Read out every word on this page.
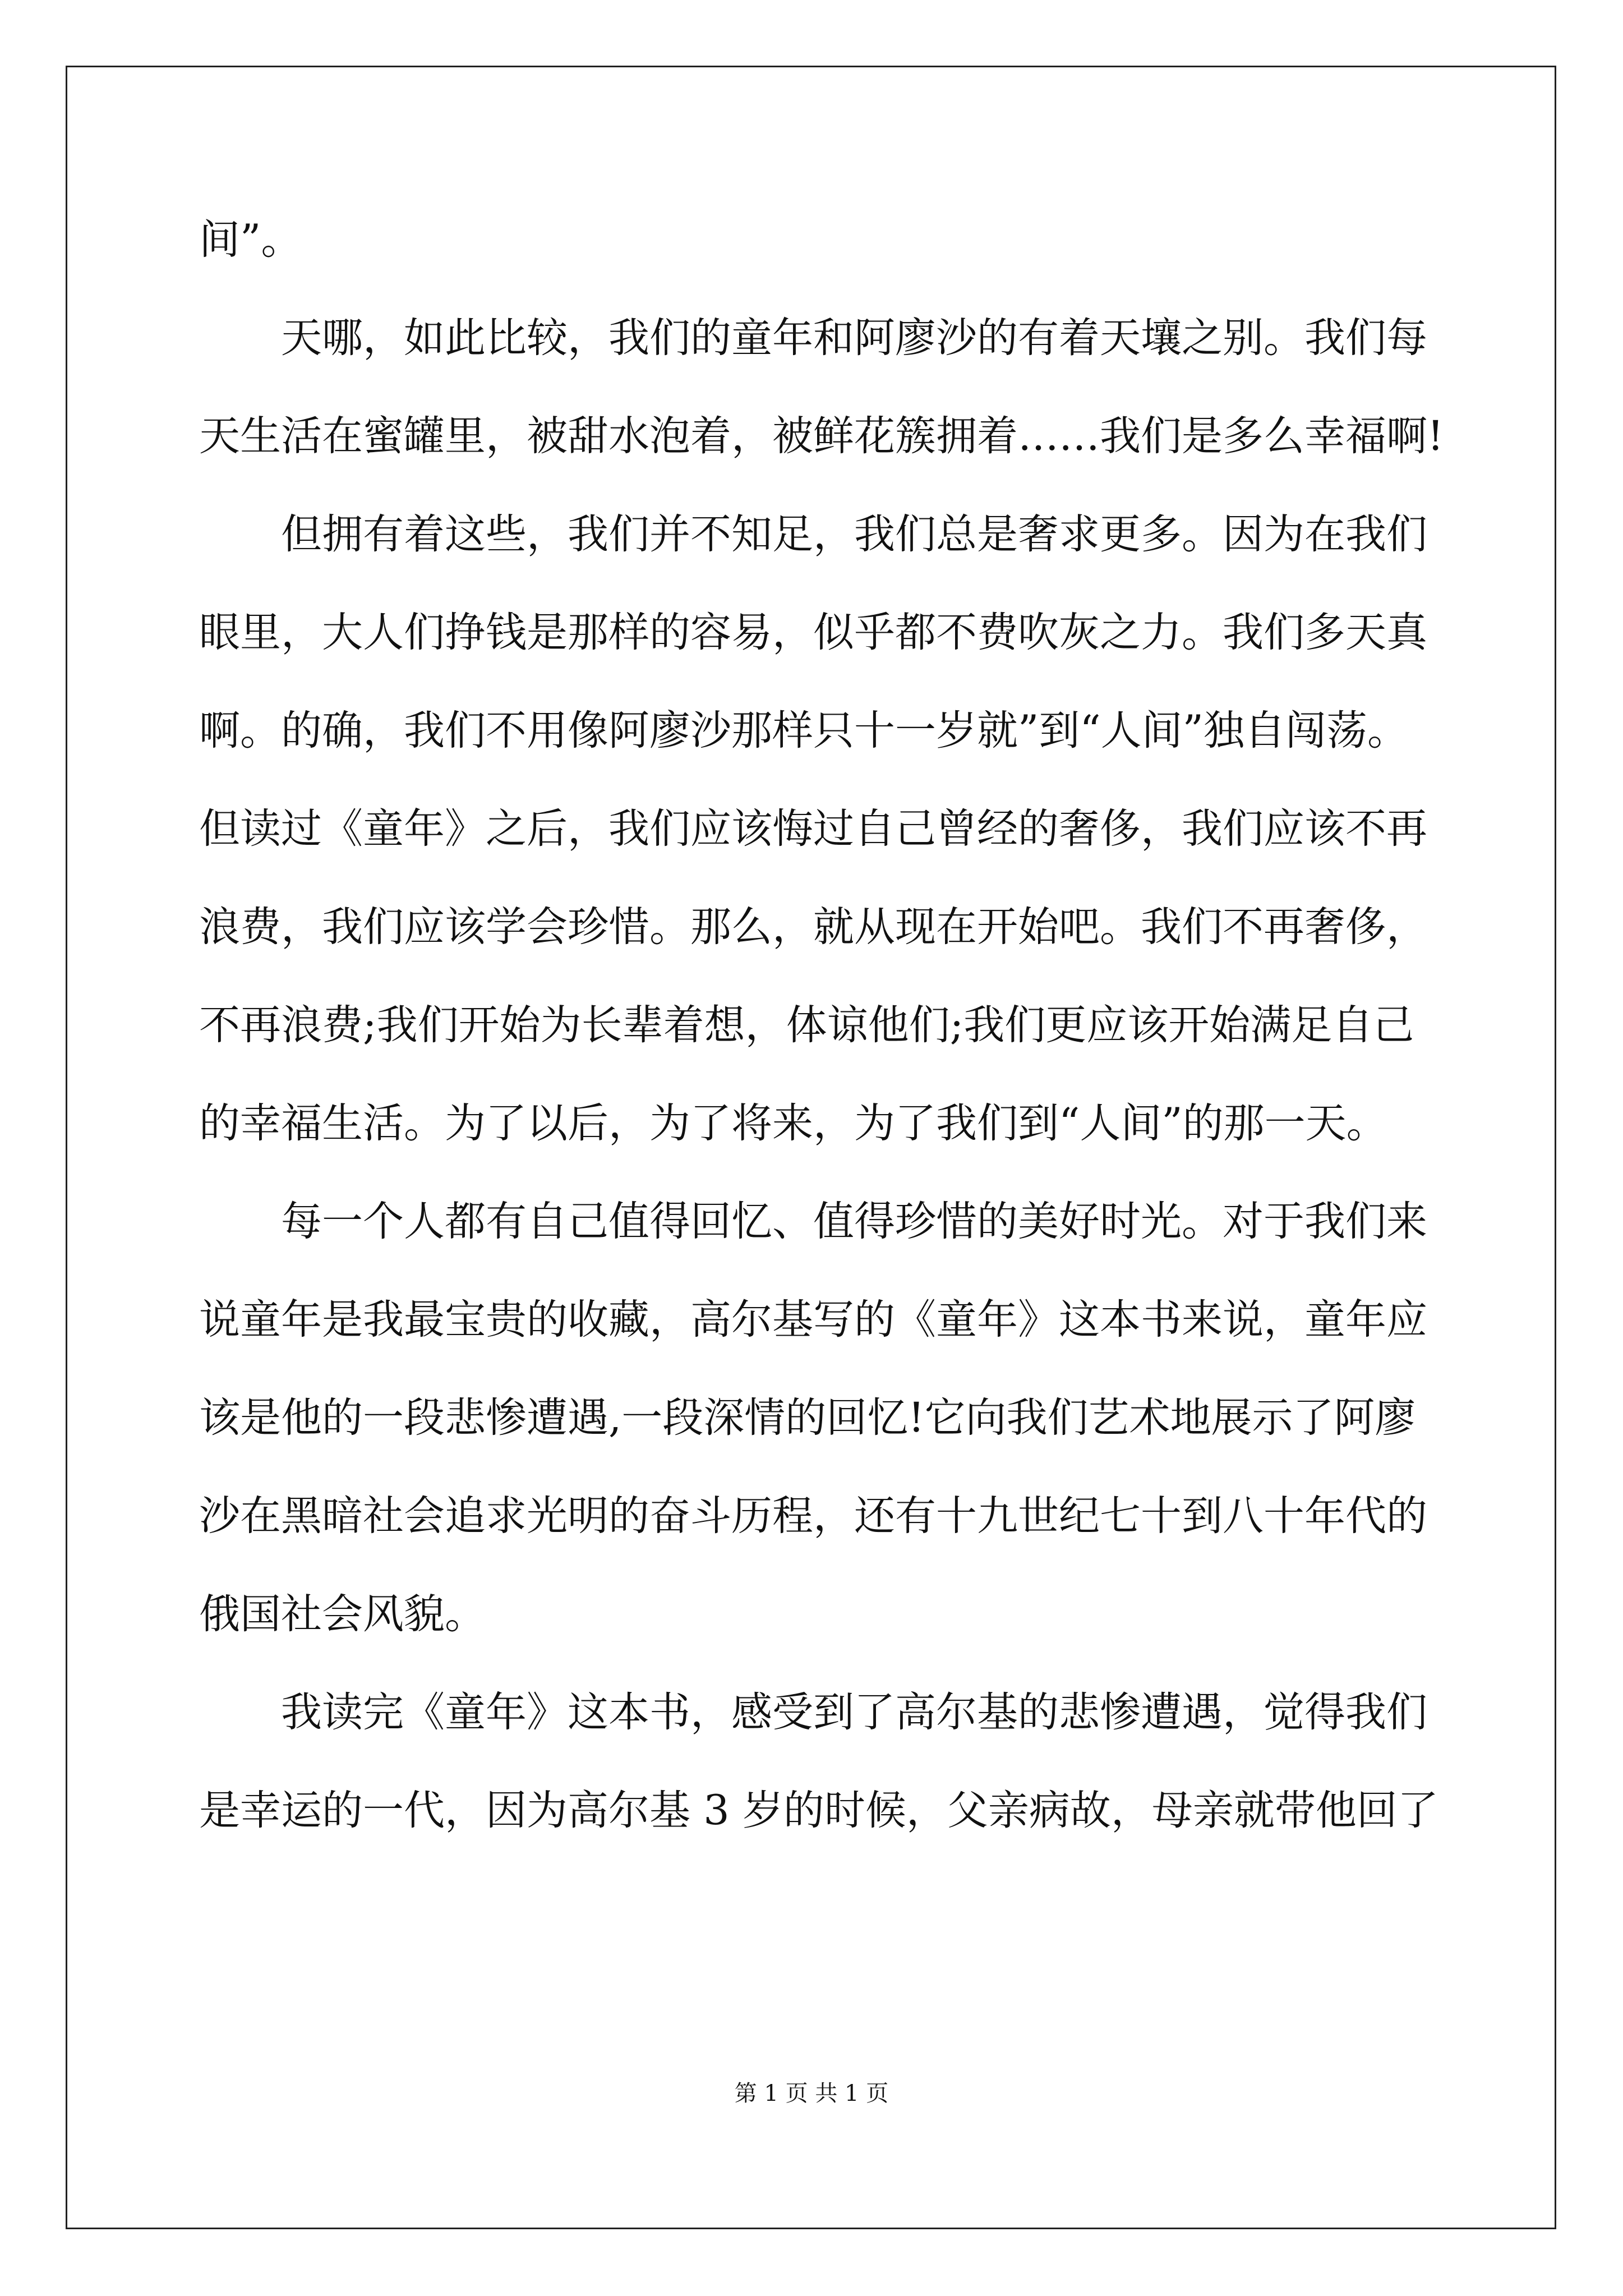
间”。
天哪，如此比较，我们的童年和阿廖沙的有着天壤之别。我们每
天生活在蜜罐里，被甜水泡着，被鲜花簇拥着……我们是多么幸福啊!
但拥有着这些，我们并不知足，我们总是奢求更多。因为在我们
眼里，大人们挣钱是那样的容易，似乎都不费吹灰之力。我们多天真
啊。的确，我们不用像阿廖沙那样只十一岁就”到“人间”独自闯荡。
但读过《童年》之后，我们应该悔过自己曾经的奢侈，我们应该不再
浪费，我们应该学会珍惜。那么，就从现在开始吧。我们不再奢侈，
不再浪费;我们开始为长辈着想，体谅他们;我们更应该开始满足自己
的幸福生活。为了以后，为了将来，为了我们到“人间”的那一天。
每一个人都有自己值得回忆、值得珍惜的美好时光。对于我们来
说童年是我最宝贵的收藏，高尔基写的《童年》这本书来说，童年应
该是他的一段悲惨遭遇,一段深情的回忆!它向我们艺术地展示了阿廖
沙在黑暗社会追求光明的奋斗历程，还有十九世纪七十到八十年代的
俄国社会风貌。
我读完《童年》这本书，感受到了高尔基的悲惨遭遇，觉得我们
是幸运的一代，因为高尔基 3 岁的时候，父亲病故，母亲就带他回了
第 1 页 共 1 页
